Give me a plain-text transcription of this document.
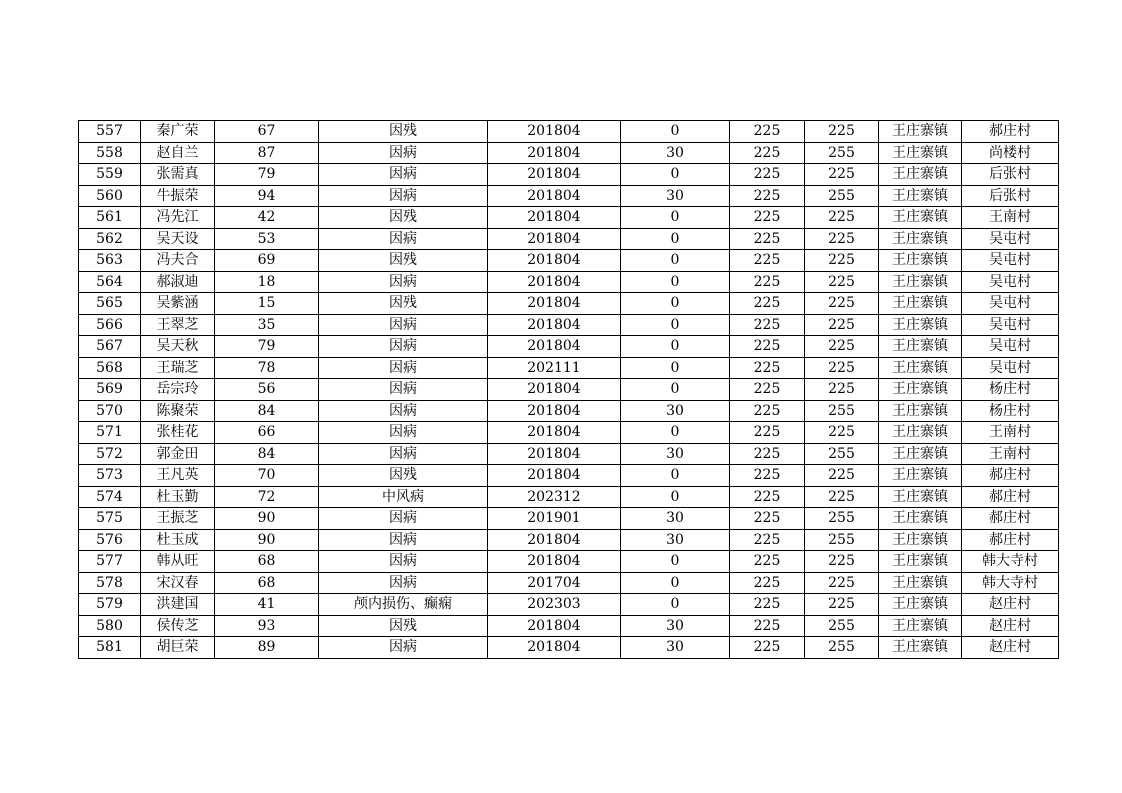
557	秦广荣	67	因残	201804	0	225	225	王庄寨镇	郝庄村
558	赵自兰	87	因病	201804	30	225	255	王庄寨镇	尚楼村
559	张需真	79	因病	201804	0	225	225	王庄寨镇	后张村
560	牛振荣	94	因病	201804	30	225	255	王庄寨镇	后张村
561	冯先江	42	因残	201804	0	225	225	王庄寨镇	王南村
562	吴天设	53	因病	201804	0	225	225	王庄寨镇	吴屯村
563	冯夫合	69	因残	201804	0	225	225	王庄寨镇	吴屯村
564	郝淑迪	18	因病	201804	0	225	225	王庄寨镇	吴屯村
565	吴紫涵	15	因残	201804	0	225	225	王庄寨镇	吴屯村
566	王翠芝	35	因病	201804	0	225	225	王庄寨镇	吴屯村
567	吴天秋	79	因病	201804	0	225	225	王庄寨镇	吴屯村
568	王瑞芝	78	因病	202111	0	225	225	王庄寨镇	吴屯村
569	岳宗玲	56	因病	201804	0	225	225	王庄寨镇	杨庄村
570	陈聚荣	84	因病	201804	30	225	255	王庄寨镇	杨庄村
571	张桂花	66	因病	201804	0	225	225	王庄寨镇	王南村
572	郭金田	84	因病	201804	30	225	255	王庄寨镇	王南村
573	王凡英	70	因残	201804	0	225	225	王庄寨镇	郝庄村
574	杜玉勤	72	中风病	202312	0	225	225	王庄寨镇	郝庄村
575	王振芝	90	因病	201901	30	225	255	王庄寨镇	郝庄村
576	杜玉成	90	因病	201804	30	225	255	王庄寨镇	郝庄村
577	韩从旺	68	因病	201804	0	225	225	王庄寨镇	韩大寺村
578	宋汉春	68	因病	201704	0	225	225	王庄寨镇	韩大寺村
579	洪建国	41	颅内损伤、癫痫	202303	0	225	225	王庄寨镇	赵庄村
580	侯传芝	93	因残	201804	30	225	255	王庄寨镇	赵庄村
581	胡巨荣	89	因病	201804	30	225	255	王庄寨镇	赵庄村
